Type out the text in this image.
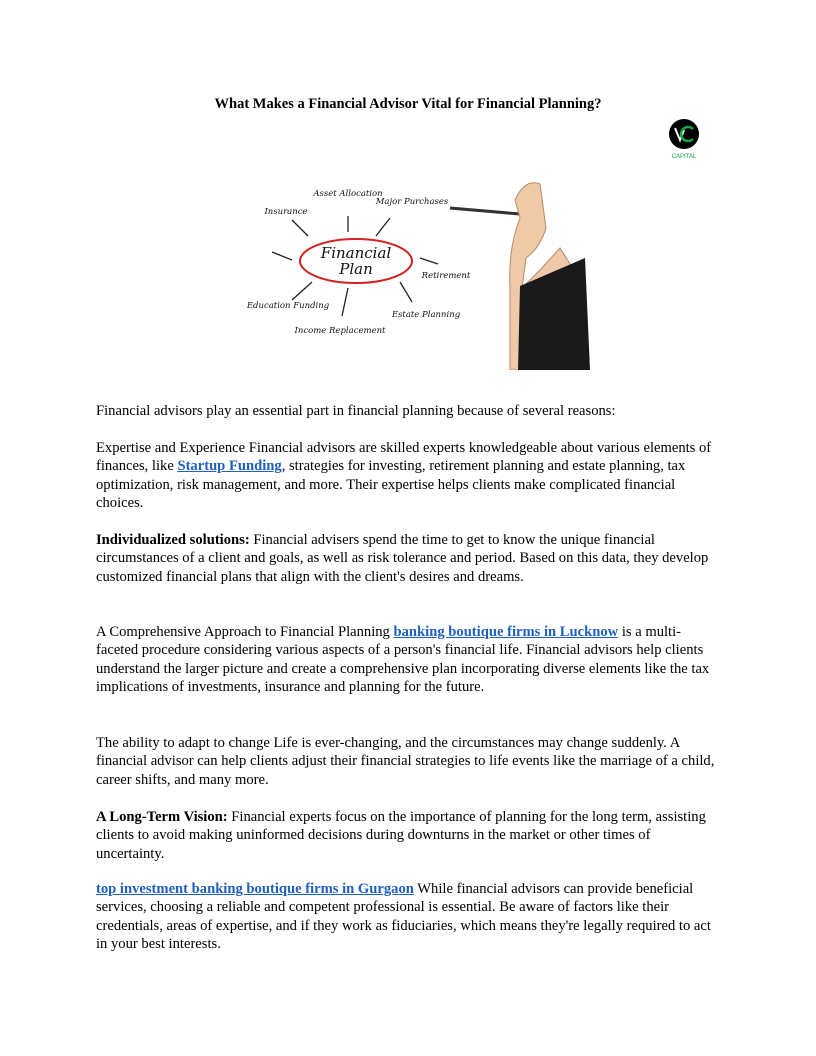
What Makes a Financial Advisor Vital for Financial Planning?
CAPITAL
Financial
Plan
Asset Allocation
Major Purchases
Insurance
Retirement
Education Funding
Estate Planning
Income Replacement

Financial advisors play an essential part in financial planning because of several reasons:

Expertise and Experience Financial advisors are skilled experts knowledgeable about various elements of finances, like Startup Funding, strategies for investing, retirement planning and estate planning, tax optimization, risk management, and more. Their expertise helps clients make complicated financial choices.

Individualized solutions: Financial advisers spend the time to get to know the unique financial circumstances of a client and goals, as well as risk tolerance and period. Based on this data, they develop customized financial plans that align with the client's desires and dreams.

A Comprehensive Approach to Financial Planning banking boutique firms in Lucknow is a multi-faceted procedure considering various aspects of a person's financial life. Financial advisors help clients understand the larger picture and create a comprehensive plan incorporating diverse elements like the tax implications of investments, insurance and planning for the future.

The ability to adapt to change Life is ever-changing, and the circumstances may change suddenly. A financial advisor can help clients adjust their financial strategies to life events like the marriage of a child, career shifts, and many more.

A Long-Term Vision: Financial experts focus on the importance of planning for the long term, assisting clients to avoid making uninformed decisions during downturns in the market or other times of uncertainty.

top investment banking boutique firms in Gurgaon While financial advisors can provide beneficial services, choosing a reliable and competent professional is essential. Be aware of factors like their credentials, areas of expertise, and if they work as fiduciaries, which means they're legally required to act in your best interests.
